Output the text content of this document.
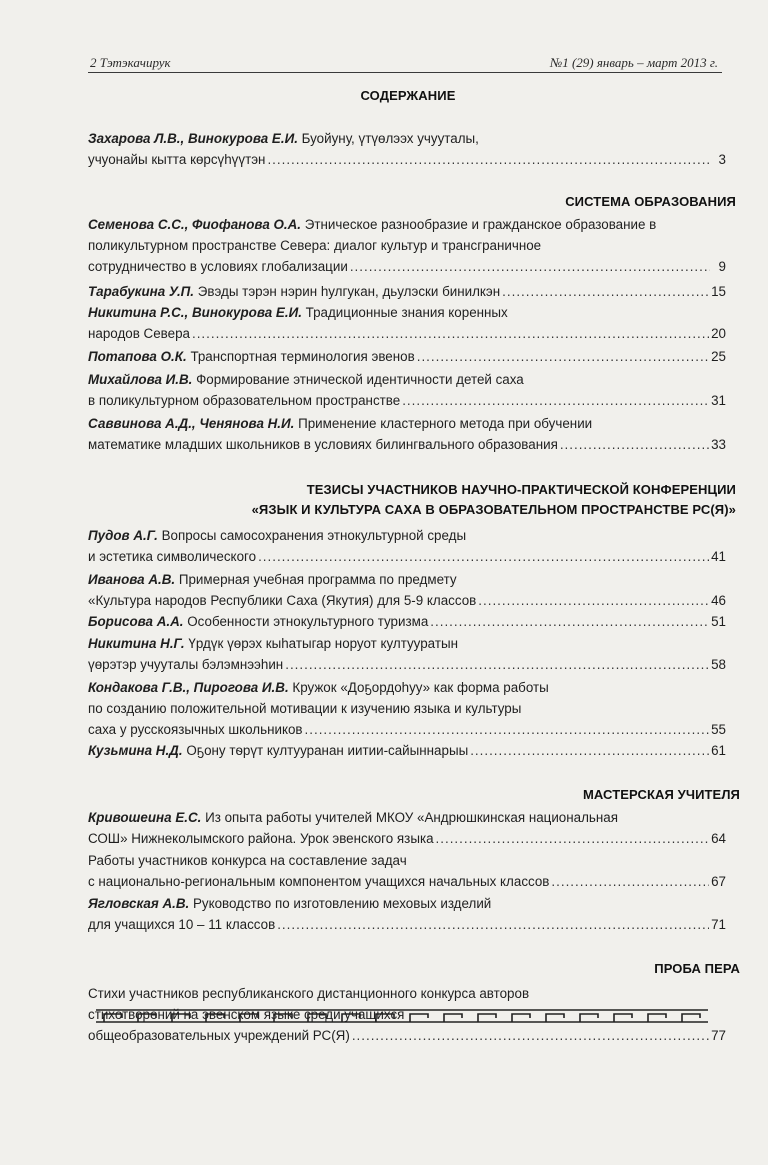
2 Тэтэкачирук	№1 (29) январь – март 2013 г.
СОДЕРЖАНИЕ
Захарова Л.В., Винокурова Е.И. Буойуну, үтүөлээх учууталы,
учуонайы кытта көрсүһүүтэн .....	3
СИСТЕМА ОБРАЗОВАНИЯ
Семенова С.С., Фиофанова О.А. Этническое разнообразие и гражданское образование в
поликультурном пространстве Севера: диалог культур и трансграничное
сотрудничество в условиях глобализации .....	9
Тарабукина У.П. Эвэды тэрэн нэрин һулгукан, дьулэски бинилкэн .....	15
Никитина Р.С., Винокурова Е.И. Традиционные знания коренных
народов Севера .....	20
Потапова О.К. Транспортная терминология эвенов .....	25
Михайлова И.В. Формирование этнической идентичности детей саха
в поликультурном образовательном пространстве .....	31
Саввинова А.Д., Ченянова Н.И. Применение кластерного метода при обучении
математике младших школьников в условиях билингвального образования .....	33
ТЕЗИСЫ УЧАСТНИКОВ НАУЧНО-ПРАКТИЧЕСКОЙ КОНФЕРЕНЦИИ
«ЯЗЫК И КУЛЬТУРА САХА В ОБРАЗОВАТЕЛЬНОМ ПРОСТРАНСТВЕ РС(Я)»
Пудов А.Г. Вопросы самосохранения этнокультурной среды
и эстетика символического .....	41
Иванова А.В. Примерная учебная программа по предмету
«Культура народов Республики Саха (Якутия) для 5-9 классов .....	46
Борисова А.А. Особенности этнокультурного туризма .....	51
Никитина Н.Г. Үрдүк үөрэх кыһатыгар норуот култууратын
үөрэтэр учууталы бэлэмнээһин .....	58
Кондакова Г.В., Пирогова И.В. Кружок «Доҕордоһуу» как форма работы
по созданию положительной мотивации к изучению языка и культуры
саха у русскоязычных школьников .....	55
Кузьмина Н.Д. Оҕону тѳрүт култууранан иитии-сайыннарыы .....	61
МАСТЕРСКАЯ УЧИТЕЛЯ
Кривошеина Е.С. Из опыта работы учителей МКОУ «Андрюшкинская национальная
СОШ» Нижнеколымского района. Урок эвенского языка .....	64
Работы участников конкурса на составление задач
с национально-региональным компонентом учащихся начальных классов .....	67
Ягловская А.В. Руководство по изготовлению меховых изделий
для учащихся 10 – 11 классов .....	71
ПРОБА ПЕРА
Стихи участников республиканского дистанционного конкурса авторов
стихотворений на эвенском языке среди учащихся
общеобразовательных учреждений РС(Я) .....	77
